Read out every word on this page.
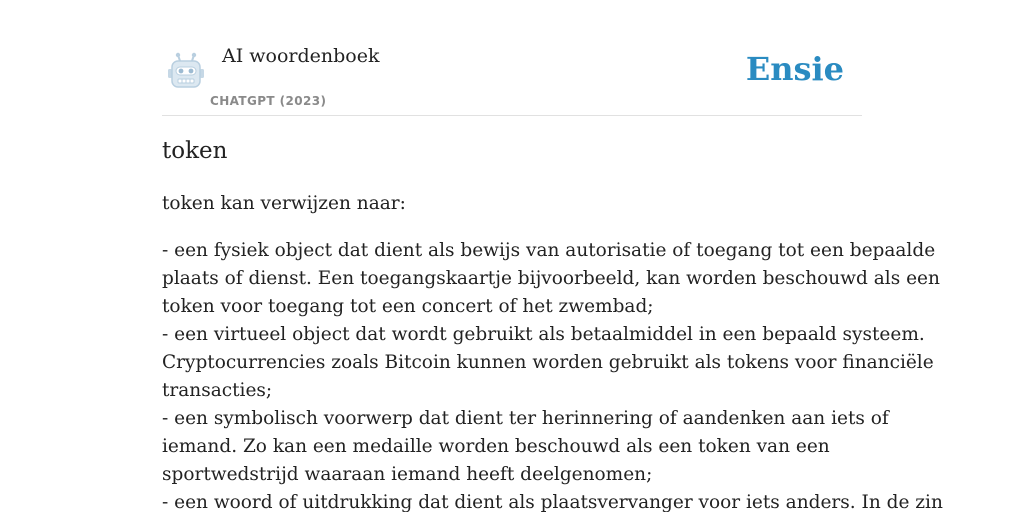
AI woordenboek
CHATGPT (2023)
Ensie
token

token kan verwijzen naar:

- een fysiek object dat dient als bewijs van autorisatie of toegang tot een bepaalde
plaats of dienst. Een toegangskaartje bijvoorbeeld, kan worden beschouwd als een
token voor toegang tot een concert of het zwembad;
- een virtueel object dat wordt gebruikt als betaalmiddel in een bepaald systeem.
Cryptocurrencies zoals Bitcoin kunnen worden gebruikt als tokens voor financiële
transacties;
- een symbolisch voorwerp dat dient ter herinnering of aandenken aan iets of
iemand. Zo kan een medaille worden beschouwd als een token van een
sportwedstrijd waaraan iemand heeft deelgenomen;
- een woord of uitdrukking dat dient als plaatsvervanger voor iets anders. In de zin
